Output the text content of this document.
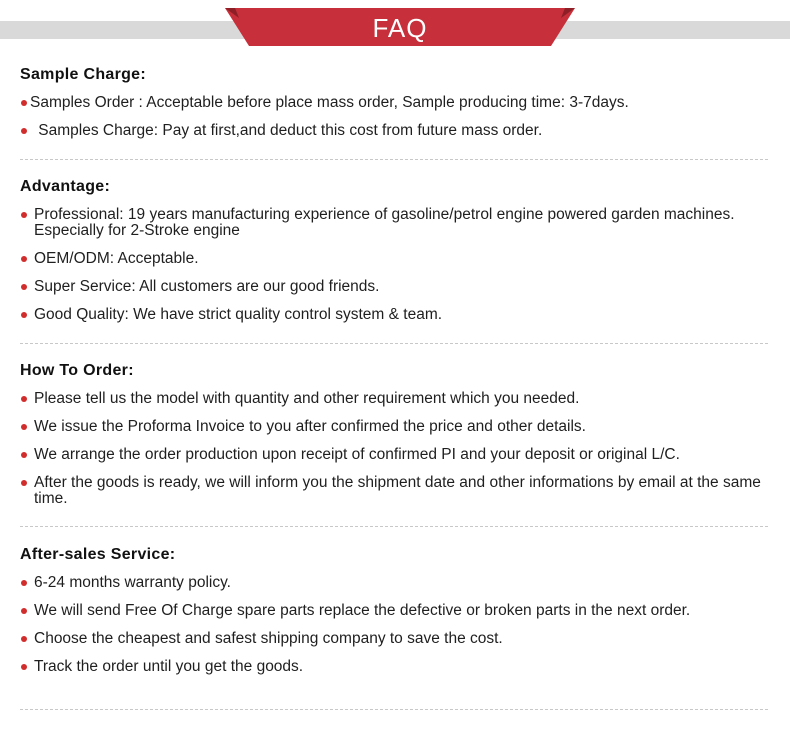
FAQ
Sample Charge:
Samples Order : Acceptable before place mass order, Sample producing time: 3-7days.
Samples Charge: Pay at first,and deduct this cost from future mass order.
Advantage:
Professional: 19 years manufacturing experience of gasoline/petrol engine powered garden machines. Especially for 2-Stroke engine
OEM/ODM: Acceptable.
Super Service: All customers are our good friends.
Good Quality: We have strict quality control system & team.
How To Order:
Please tell us the model with quantity and other requirement which you needed.
We issue the Proforma Invoice to you after confirmed the price and other details.
We arrange the order production upon receipt of confirmed PI and your deposit or original L/C.
After the goods is ready, we will inform you the shipment date and other informations by email at the same time.
After-sales Service:
6-24 months warranty policy.
We will send Free Of Charge spare parts replace the defective or broken parts in the next order.
Choose the cheapest and safest shipping company to save the cost.
Track the order until you get the goods.
